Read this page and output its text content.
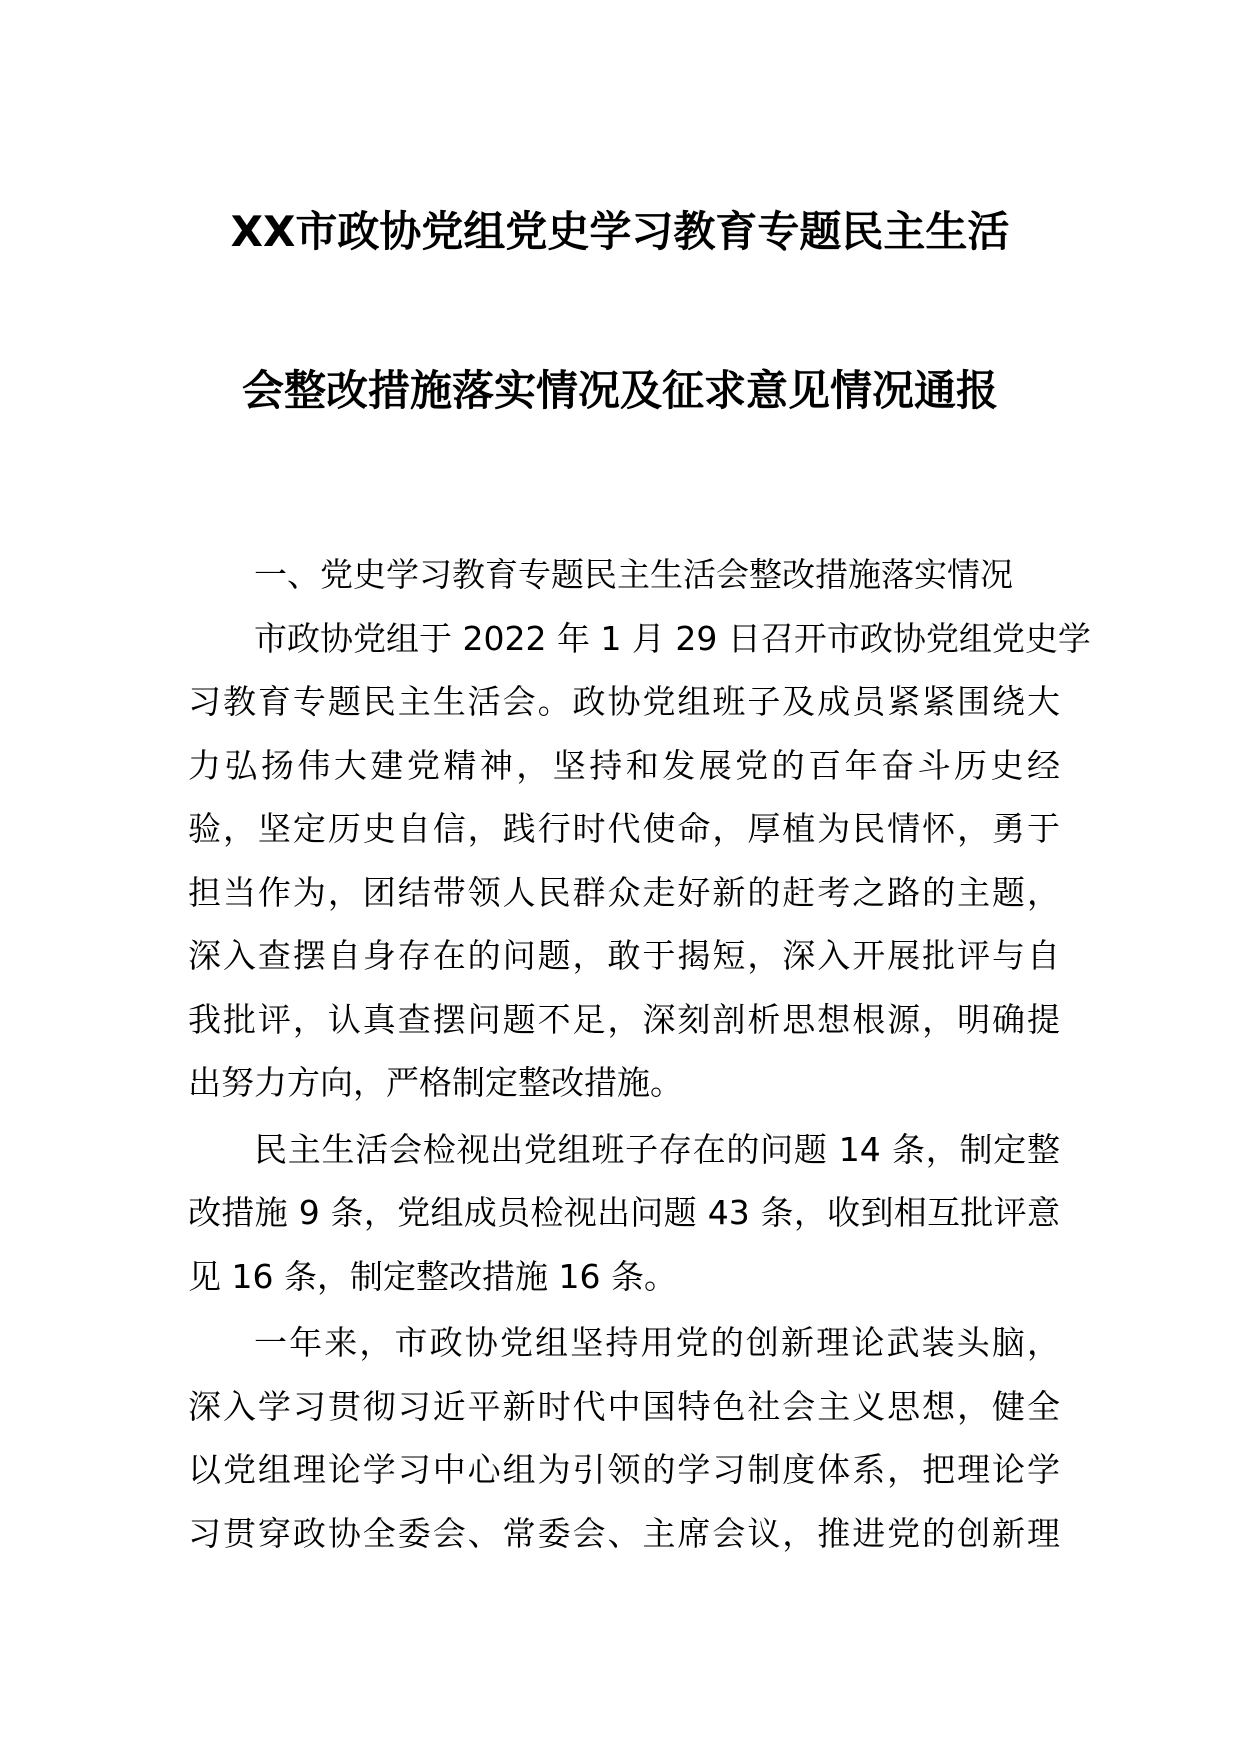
XX市政协党组党史学习教育专题民主生活
会整改措施落实情况及征求意见情况通报
一、党史学习教育专题民主生活会整改措施落实情况
市政协党组于 2022 年 1 月 29 日召开市政协党组党史学
习教育专题民主生活会。政协党组班子及成员紧紧围绕大
力弘扬伟大建党精神，坚持和发展党的百年奋斗历史经
验，坚定历史自信，践行时代使命，厚植为民情怀，勇于
担当作为，团结带领人民群众走好新的赶考之路的主题，
深入查摆自身存在的问题，敢于揭短，深入开展批评与自
我批评，认真查摆问题不足，深刻剖析思想根源，明确提
出努力方向，严格制定整改措施。
民主生活会检视出党组班子存在的问题 14 条，制定整
改措施 9 条，党组成员检视出问题 43 条，收到相互批评意
见 16 条，制定整改措施 16 条。
一年来，市政协党组坚持用党的创新理论武装头脑，
深入学习贯彻习近平新时代中国特色社会主义思想，健全
以党组理论学习中心组为引领的学习制度体系，把理论学
习贯穿政协全委会、常委会、主席会议，推进党的创新理
